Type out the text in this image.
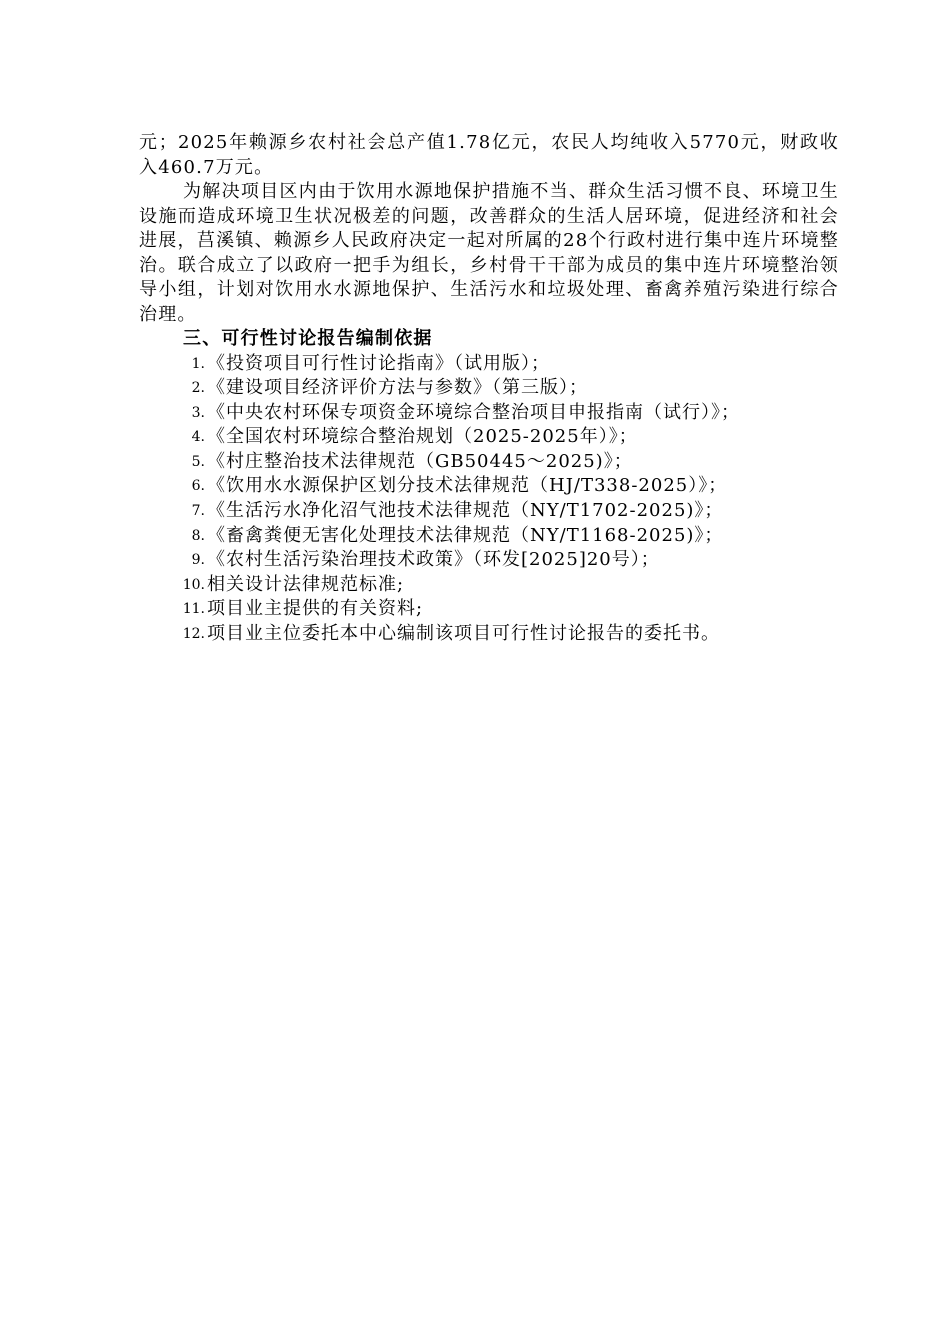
元；2025年赖源乡农村社会总产值1.78亿元，农民人均纯收入5770元，财政收入460.7万元。

为解决项目区内由于饮用水源地保护措施不当、群众生活习惯不良、环境卫生设施而造成环境卫生状况极差的问题，改善群众的生活人居环境，促进经济和社会进展，莒溪镇、赖源乡人民政府决定一起对所属的28个行政村进行集中连片环境整治。联合成立了以政府一把手为组长，乡村骨干干部为成员的集中连片环境整治领导小组，计划对饮用水水源地保护、生活污水和垃圾处理、畜禽养殖污染进行综合治理。

三、可行性讨论报告编制依据
1. 《投资项目可行性讨论指南》（试用版）；
2. 《建设项目经济评价方法与参数》（第三版）；
3. 《中央农村环保专项资金环境综合整治项目申报指南（试行）》；
4. 《全国农村环境综合整治规划（2025-2025年）》；
5. 《村庄整治技术法律规范（GB50445～2025)》；
6. 《饮用水水源保护区划分技术法律规范（HJ/T338-2025）》；
7. 《生活污水净化沼气池技术法律规范（NY/T1702-2025)》；
8. 《畜禽粪便无害化处理技术法律规范（NY/T1168-2025)》；
9. 《农村生活污染治理技术政策》（环发[2025]20号）；
10. 相关设计法律规范标准;
11. 项目业主提供的有关资料;
12. 项目业主位委托本中心编制该项目可行性讨论报告的委托书。
